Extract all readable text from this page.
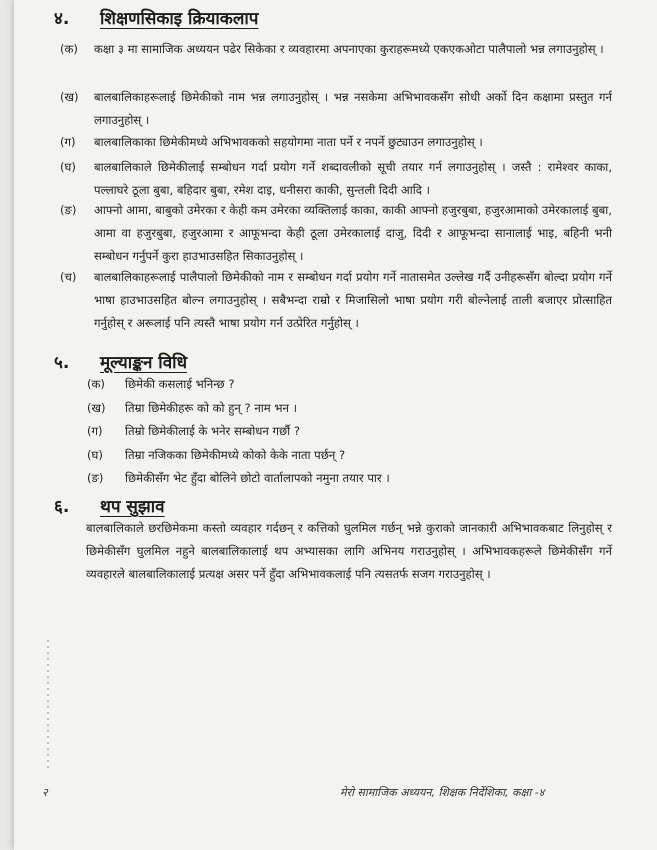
४. शिक्षणसिकाइ क्रियाकलाप
(क) कक्षा ३ मा सामाजिक अध्ययन पढेर सिकेका र व्यवहारमा अपनाएका कुराहरूमध्ये एकएकओटा पालैपालो भन्न लगाउनुहोस् ।
(ख) बालबालिकाहरूलाई छिमेकीको नाम भन्न लगाउनुहोस् । भन्न नसकेमा अभिभावकसँग सोधी अर्को दिन कक्षामा प्रस्तुत गर्न लगाउनुहोस् ।
(ग) बालबालिकाका छिमेकीमध्ये अभिभावकको सहयोगमा नाता पर्ने र नपर्ने छुट्याउन लगाउनुहोस् ।
(घ) बालबालिकाले छिमेकीलाई सम्बोधन गर्दा प्रयोग गर्ने शब्दावलीको सूची तयार गर्न लगाउनुहोस् । जस्तै : रामेश्वर काका, पल्लाघरे ठूला बुबा, बहिदार बुबा, रमेश दाइ, धनीसरा काकी, सुन्तली दिदी आदि ।
(ङ) आफ्नो आमा, बाबुको उमेरका र केही कम उमेरका व्यक्तिलाई काका, काकी आफ्नो हजुरबुबा, हजुरआमाको उमेरकालाई बुबा, आमा वा हजुरबुबा, हजुरआमा र आफूभन्दा केही ठूला उमेरकालाई दाजु, दिदी र आफूभन्दा सानालाई भाइ, बहिनी भनी सम्बोधन गर्नुपर्ने कुरा हाउभाउसहित सिकाउनुहोस् ।
(च) बालबालिकाहरूलाई पालैपालो छिमेकीको नाम र सम्बोधन गर्दा प्रयोग गर्ने नातासमेत उल्लेख गर्दै उनीहरूसँग बोल्दा प्रयोग गर्ने भाषा हाउभाउसहित बोल्न लगाउनुहोस् । सबैभन्दा राम्रो र मिजासिलो भाषा प्रयोग गरी बोल्नेलाई ताली बजाएर प्रोत्साहित गर्नुहोस् र अरूलाई पनि त्यस्तै भाषा प्रयोग गर्न उत्प्रेरित गर्नुहोस् ।
५. मूल्याङ्कन विधि
(क) छिमेकी कसलाई भनिन्छ ?
(ख) तिम्रा छिमेकीहरू को को हुन् ? नाम भन ।
(ग) तिम्रो छिमेकीलाई के भनेर सम्बोधन गर्छौ ?
(घ) तिम्रा नजिकका छिमेकीमध्ये कोको केके नाता पर्छन् ?
(ङ) छिमेकीसँग भेट हुँदा बोलिने छोटो वार्तालापको नमुना तयार पार ।
६. थप सुझाव
बालबालिकाले छरछिमेकमा कस्तो व्यवहार गर्दछन् र कत्तिको घुलमिल गर्छन् भन्ने कुराको जानकारी अभिभावकबाट लिनुहोस् र छिमेकीसँग घुलमिल नहुने बालबालिकालाई थप अभ्यासका लागि अभिनय गराउनुहोस् । अभिभावकहरूले छिमेकीसँग गर्ने व्यवहारले बालबालिकालाई प्रत्यक्ष असर पर्ने हुँदा अभिभावकलाई पनि त्यसतर्फ सजग गराउनुहोस् ।
२	मेरो सामाजिक अध्ययन, शिक्षक निर्देशिका, कक्षा -४
